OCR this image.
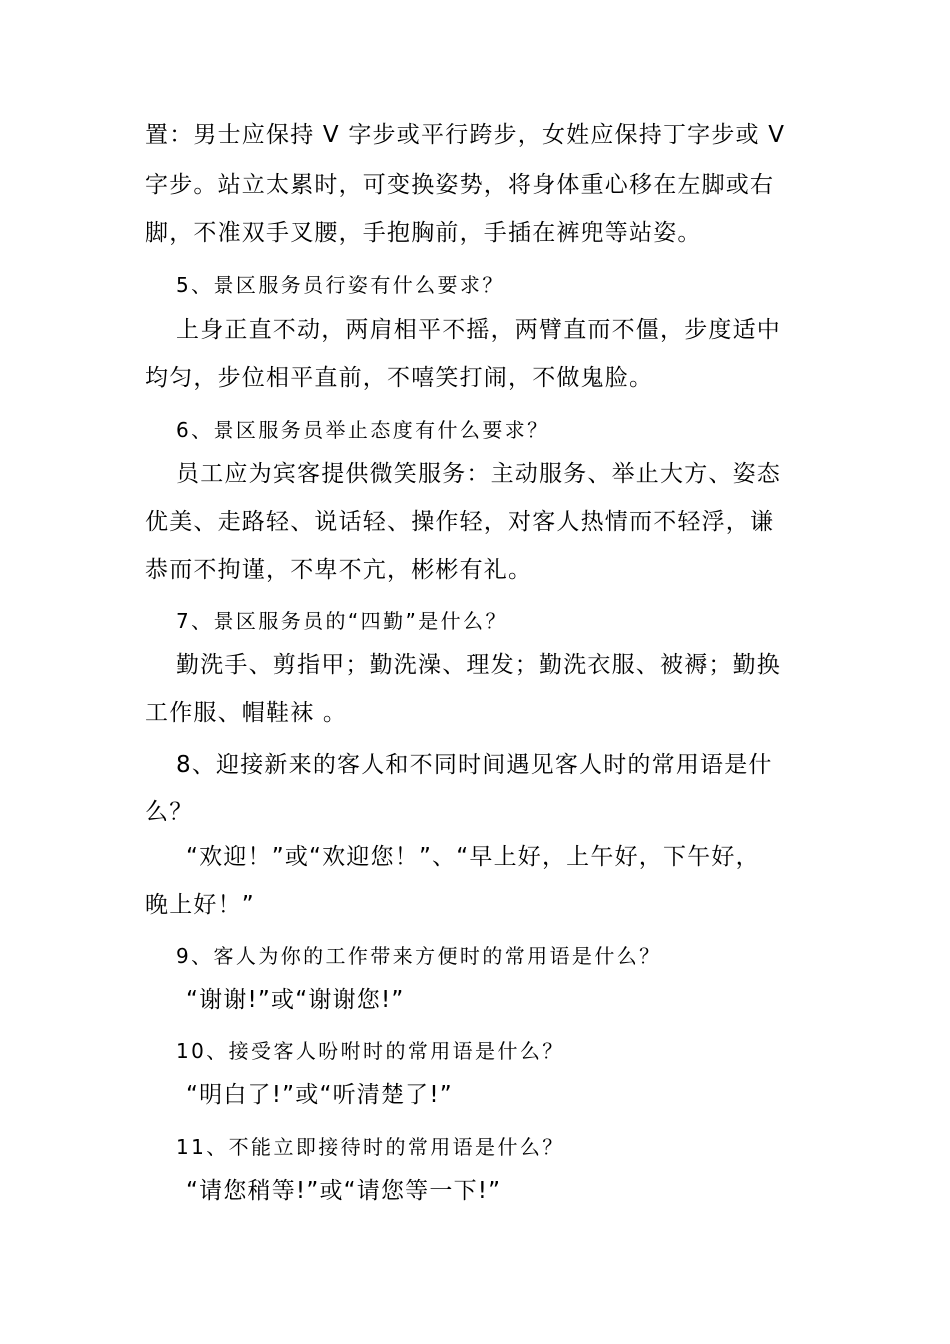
置：男士应保持 V 字步或平行跨步，女姓应保持丁字步或 V
字步。站立太累时，可变换姿势，将身体重心移在左脚或右
脚，不准双手叉腰，手抱胸前，手插在裤兜等站姿。
5、景区服务员行姿有什么要求？
上身正直不动，两肩相平不摇，两臂直而不僵，步度适中
均匀，步位相平直前，不嘻笑打闹，不做鬼脸。
6、景区服务员举止态度有什么要求？
员工应为宾客提供微笑服务：主动服务、举止大方、姿态
优美、走路轻、说话轻、操作轻，对客人热情而不轻浮，谦
恭而不拘谨，不卑不亢，彬彬有礼。
7、景区服务员的“四勤”是什么？
勤洗手、剪指甲；勤洗澡、理发；勤洗衣服、被褥；勤换
工作服、帽鞋袜 。
8、迎接新来的客人和不同时间遇见客人时的常用语是什
么？
“欢迎！”或“欢迎您！”、“早上好，上午好，下午好，
晚上好！”
9、客人为你的工作带来方便时的常用语是什么？
“谢谢!”或“谢谢您!”
10、接受客人吩咐时的常用语是什么？
“明白了!”或“听清楚了!”
11、不能立即接待时的常用语是什么？
“请您稍等!”或“请您等一下!”
